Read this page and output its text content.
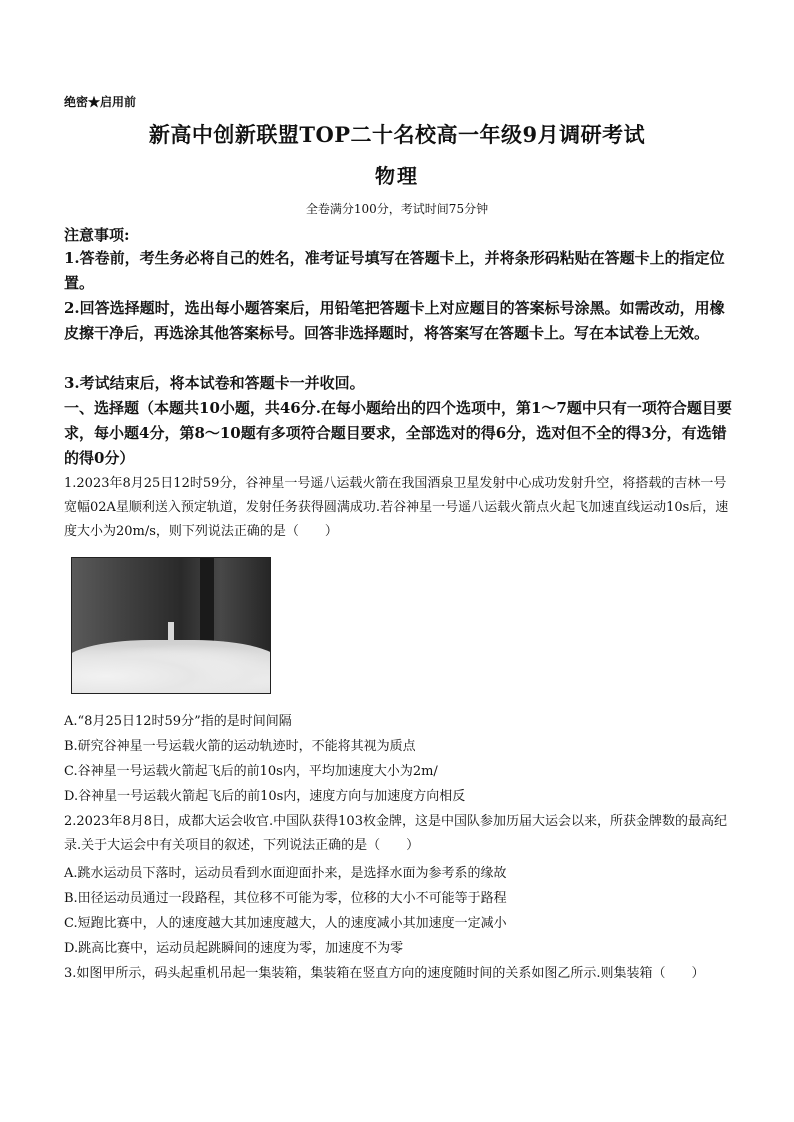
绝密★启用前
新高中创新联盟TOP二十名校高一年级9月调研考试
物理
全卷满分100分，考试时间75分钟
注意事项:
1.答卷前，考生务必将自己的姓名，准考证号填写在答题卡上，并将条形码粘贴在答题卡上的指定位置。
2.回答选择题时，选出每小题答案后，用铅笔把答题卡上对应题目的答案标号涂黑。如需改动，用橡皮擦干净后，再选涂其他答案标号。回答非选择题时，将答案写在答题卡上。写在本试卷上无效。
3.考试结束后，将本试卷和答题卡一并收回。
一、选择题（本题共10小题，共46分.在每小题给出的四个选项中，第1～7题中只有一项符合题目要求，每小题4分，第8～10题有多项符合题目要求，全部选对的得6分，选对但不全的得3分，有选错的得0分）
1.2023年8月25日12时59分，谷神星一号遥八运载火箭在我国酒泉卫星发射中心成功发射升空，将搭载的吉林一号宽幅02A星顺利送入预定轨道，发射任务获得圆满成功.若谷神星一号遥八运载火箭点火起飞加速直线运动10s后，速度大小为20m/s，则下列说法正确的是（　　）
A.“8月25日12时59分”指的是时间间隔
B.研究谷神星一号运载火箭的运动轨迹时，不能将其视为质点
C.谷神星一号运载火箭起飞后的前10s内，平均加速度大小为2m/
D.谷神星一号运载火箭起飞后的前10s内，速度方向与加速度方向相反
2.2023年8月8日，成都大运会收官.中国队获得103枚金牌，这是中国队参加历届大运会以来，所获金牌数的最高纪录.关于大运会中有关项目的叙述，下列说法正确的是（　　）
A.跳水运动员下落时，运动员看到水面迎面扑来，是选择水面为参考系的缘故
B.田径运动员通过一段路程，其位移不可能为零，位移的大小不可能等于路程
C.短跑比赛中，人的速度越大其加速度越大，人的速度减小其加速度一定减小
D.跳高比赛中，运动员起跳瞬间的速度为零，加速度不为零
3.如图甲所示，码头起重机吊起一集装箱，集装箱在竖直方向的速度随时间的关系如图乙所示.则集装箱（　　）
